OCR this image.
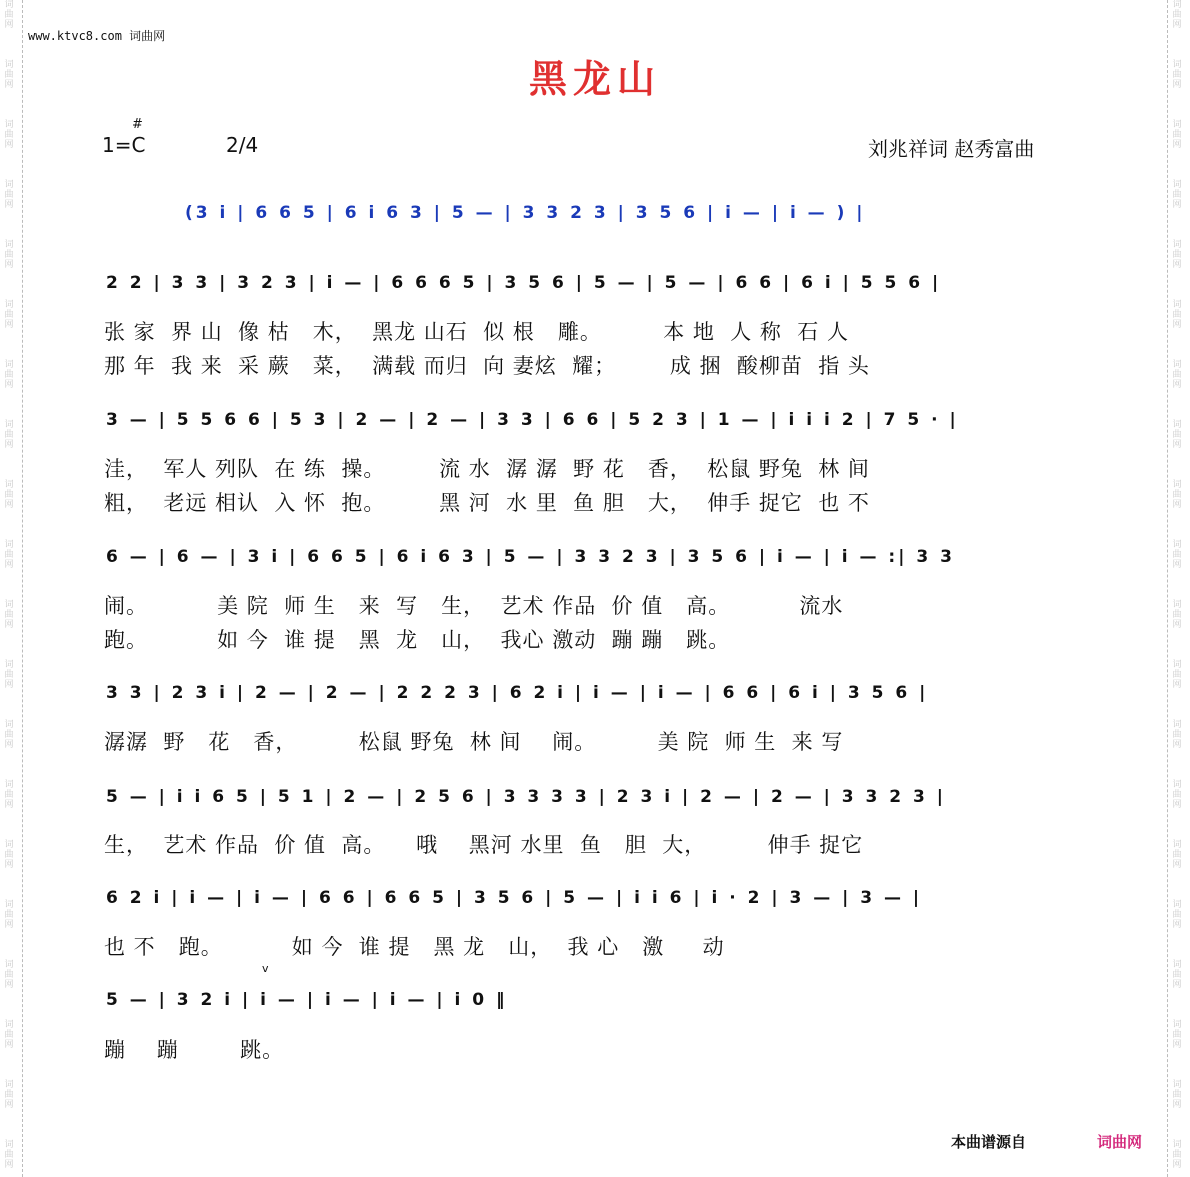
词
曲
网
词
曲
网
词
曲
网
词
曲
网
词
曲
网
词
曲
网
词
曲
网
词
曲
网
词
曲
网
词
曲
网
词
曲
网
词
曲
网
词
曲
网
词
曲
网
词
曲
网
词
曲
网
词
曲
网
词
曲
网
词
曲
网
词
曲
网
词
曲
网
词
曲
网
词
曲
网
词
曲
网
词
曲
网
词
曲
网
词
曲
网
词
曲
网
词
曲
网
词
曲
网
词
曲
网
词
曲
网
词
曲
网
词
曲
网
词
曲
网
词
曲
网
词
曲
网
词
曲
网
词
曲
网
词
曲
网
www.ktvc8.com 词曲网
黑龙山
1=C
#
2/4	刘兆祥词 赵秀富曲
(3 i | 6 6 5 | 6 i 6 3 | 5 — | 3 3 2 3 | 3 5 6 | i — | i — ) |
2 2 | 3 3 | 3 2 3 | i — | 6 6 6 5 | 3 5 6 | 5 — | 5 — | 6 6 | 6 i | 5 5 6 |

张 家  界 山  像 枯   木，  黑龙 山石  似 根   雕。        本 地  人 称  石 人

那 年  我 来  采 蕨   菜，  满载 而归  向 妻炫  耀；       成 捆  酸柳苗  指 头

3 — | 5 5 6 6 | 5 3 | 2 — | 2 — | 3 3 | 6 6 | 5 2 3 | 1 — | i i i 2 | 7 5 · |

洼，  军人 列队  在 练  操。       流 水  潺 潺  野 花   香，  松鼠 野兔  林 间

粗，  老远 相认  入 怀  抱。       黑 河  水 里  鱼 胆   大，  伸手 捉它  也 不

6 — | 6 — | 3 i | 6 6 5 | 6 i 6 3 | 5 — | 3 3 2 3 | 3 5 6 | i — | i — :| 3 3

闹。         美 院  师 生   来  写   生，  艺术 作品  价 值   高。         流水

跑。         如 今  谁 提   黑  龙   山，  我心 激动  蹦 蹦   跳。

3 3 | 2 3 i | 2 — | 2 — | 2 2 2 3 | 6 2 i | i — | i — | 6 6 | 6 i | 3 5 6 |

潺潺  野   花   香，        松鼠 野兔  林 间    闹。        美 院  师 生  来 写

5 — | i i 6 5 | 5 1 | 2 — | 2 5 6 | 3 3 3 3 | 2 3 i | 2 — | 2 — | 3 3 2 3 |

生，  艺术 作品  价 值  高。    哦    黑河 水里  鱼   胆  大，        伸手 捉它

6 2 i | i — | i — | 6 6 | 6 6 5 | 3 5 6 | 5 — | i i 6 | i · 2 | 3 — | 3 — |

也 不   跑。         如 今  谁 提   黑 龙   山，  我 心   激     动

v
5 — | 3 2 i | i — | i — | i — | i 0 ‖

蹦    蹦        跳。

本曲谱源自	词曲网
